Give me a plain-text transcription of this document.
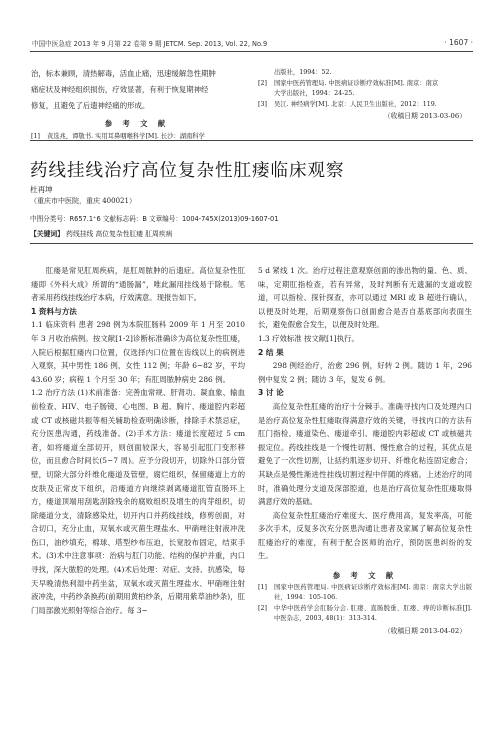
中国中医急症 2013 年 9 月第 22 卷第 9 期 JETCM. Sep. 2013, Vol. 22, No.9	· 1607 ·
治，标本兼顾，清热解毒，活血止痛，迅速缓解急性期肿
痛症状及神经组织损伤，疗效显著，有利于恢复期神经
修复，且避免了后遗神经痛的形成。
参 考 文 献
[1]	黄选兆，谭敬书. 实用耳鼻咽喉科学[M]. 长沙：湖南科学
出版社，1994：52.
[2]	国家中医药管理局. 中医病证诊断疗效标准[M]. 南京：南京
大学出版社，1994：24-25.
[3]	吴江. 神经病学[M]. 北京：人民卫生出版社，2012：119.
（收稿日期 2013-03-06）
药线挂线治疗高位复杂性肛瘘临床观察
杜再坤
（重庆市中医院，重庆 400021）
中图分类号：R657.1⁺6 文献标志码：B 文章编号：1004-745X(2013)09-1607-01
【关键词】 药线挂线 高位复杂性肛瘘 肛周疾病

肛瘘是常见肛周疾病，是肛周脓肿的后遗症。高位复杂性肛瘘即《外科大成》所谓的“通肠漏”，唯此漏用挂线易于除根。笔者采用药线挂线治疗本病，疗效满意。现报告如下。

1 资料与方法

1.1 临床资料 患者 298 例为本院肛肠科 2009 年 1 月至 2010 年 3 月收治病例。按文献[1-2]诊断标准确诊为高位复杂性肛瘘，入院后根据肛瘘内口位置，仅选择内口位置在齿线以上的病例进入观察，其中男性 186 例，女性 112 例；年龄 6~82 岁，平均 43.60 岁；病程 1 个月至 30 年；有肛周脓肿病史 286 例。

1.2 治疗方法 (1)术前准备：完善血常规、肝肾功、凝血象、输血前检查、HIV、电子肠镜、心电图、B 超、胸片、瘘道腔内彩超或 CT 或核磁共振等相关辅助检查明确诊断，排除手术禁忌症，充分医患沟通，药线准备。(2)手术方法：瘘道长度超过 5 cm者，如将瘘道全部切开，则创面较深大，容易引起肛门变形移位，而且愈合时间长(5~7 周)。应予分段切开，切除外口部分管壁，切除大部分纤维化瘘道及管壁，腐烂组织，保留瘘道上方的皮肤及正常皮下组织，沿瘘道方向继续剥离瘘道肛管直肠环上方，瘘道顶端用刮匙刮除残余的腐败组织及增生的肉芽组织，切除瘘道分支，清除感染灶，切开内口并药线挂线，修剪创面，对合切口，充分止血，双氧水或灭菌生理盐水、甲硝唑注射液冲洗伤口，油纱填充，棉球、塔型纱布压迫，长宽胶布固定，结束手术。(3)术中注意事项：治病与肛门功能、结构的保护并重，内口寻找，深大脓腔的处理。(4)术后处理：对症、支持、抗感染，每天早晚清热利湿中药坐盆，双氧水或灭菌生理盐水、甲硝唑注射液冲洗，中药纱条换药(前期用黄柏纱条，后期用紫草油纱条)，肛门局部激光照射等综合治疗。每 3~

5 d 紧线 1 次。治疗过程注意观察创面的渗出物的量、色、质、味，定期肛指检查，若有异常，及时判断有无遗漏的支道或腔道，可以指检、探针探查，亦可以通过 MRI 或 B 超进行确认，以便及时处理，后期观察伤口创面愈合是否自基底部向表面生长，避免假愈合发生，以便及时处理。

1.3 疗效标准 按文献[1]执行。

2 结 果

298 例经治疗，治愈 296 例，好转 2 例。随访 1 年，296 例中复发 2 例；随访 3 年，复发 6 例。

3 讨 论

高位复杂性肛瘘的治疗十分棘手。准确寻找内口及处理内口是治疗高位复杂性肛瘘取得满意疗效的关键，寻找内口的方法有肛门指检、瘘道染色、瘘道牵引、瘘道腔内彩超或 CT 或核磁共振定位。药线挂线是一个慢性切割、慢性愈合的过程，其优点是避免了一次性切割，让括约肌逐步切开、纤维化粘连固定愈合；其缺点是慢性渐进性挂线切割过程中伴随的疼痛。上述治疗的同时，准确处理分支道及深部腔道，也是治疗高位复杂性肛瘘取得满意疗效的基础。

高位复杂性肛瘘治疗难度大、医疗费用高，复发率高，可能多次手术，反复多次充分医患沟通让患者及家属了解高位复杂性肛瘘治疗的难度，有利于配合医师的治疗，预防医患纠纷的发生。

参 考 文 献
[1]	国家中医药管理局. 中医病证诊断疗效标准[M]. 南京：南京大学出版社，1994：105-106.
[2]	中华中医药学会肛肠分会. 肛瘘、直肠脱垂、肛瘘、痔的诊断标准[J]. 中医杂志，2003, 48(1)：313-314.
（收稿日期 2013-04-02）
